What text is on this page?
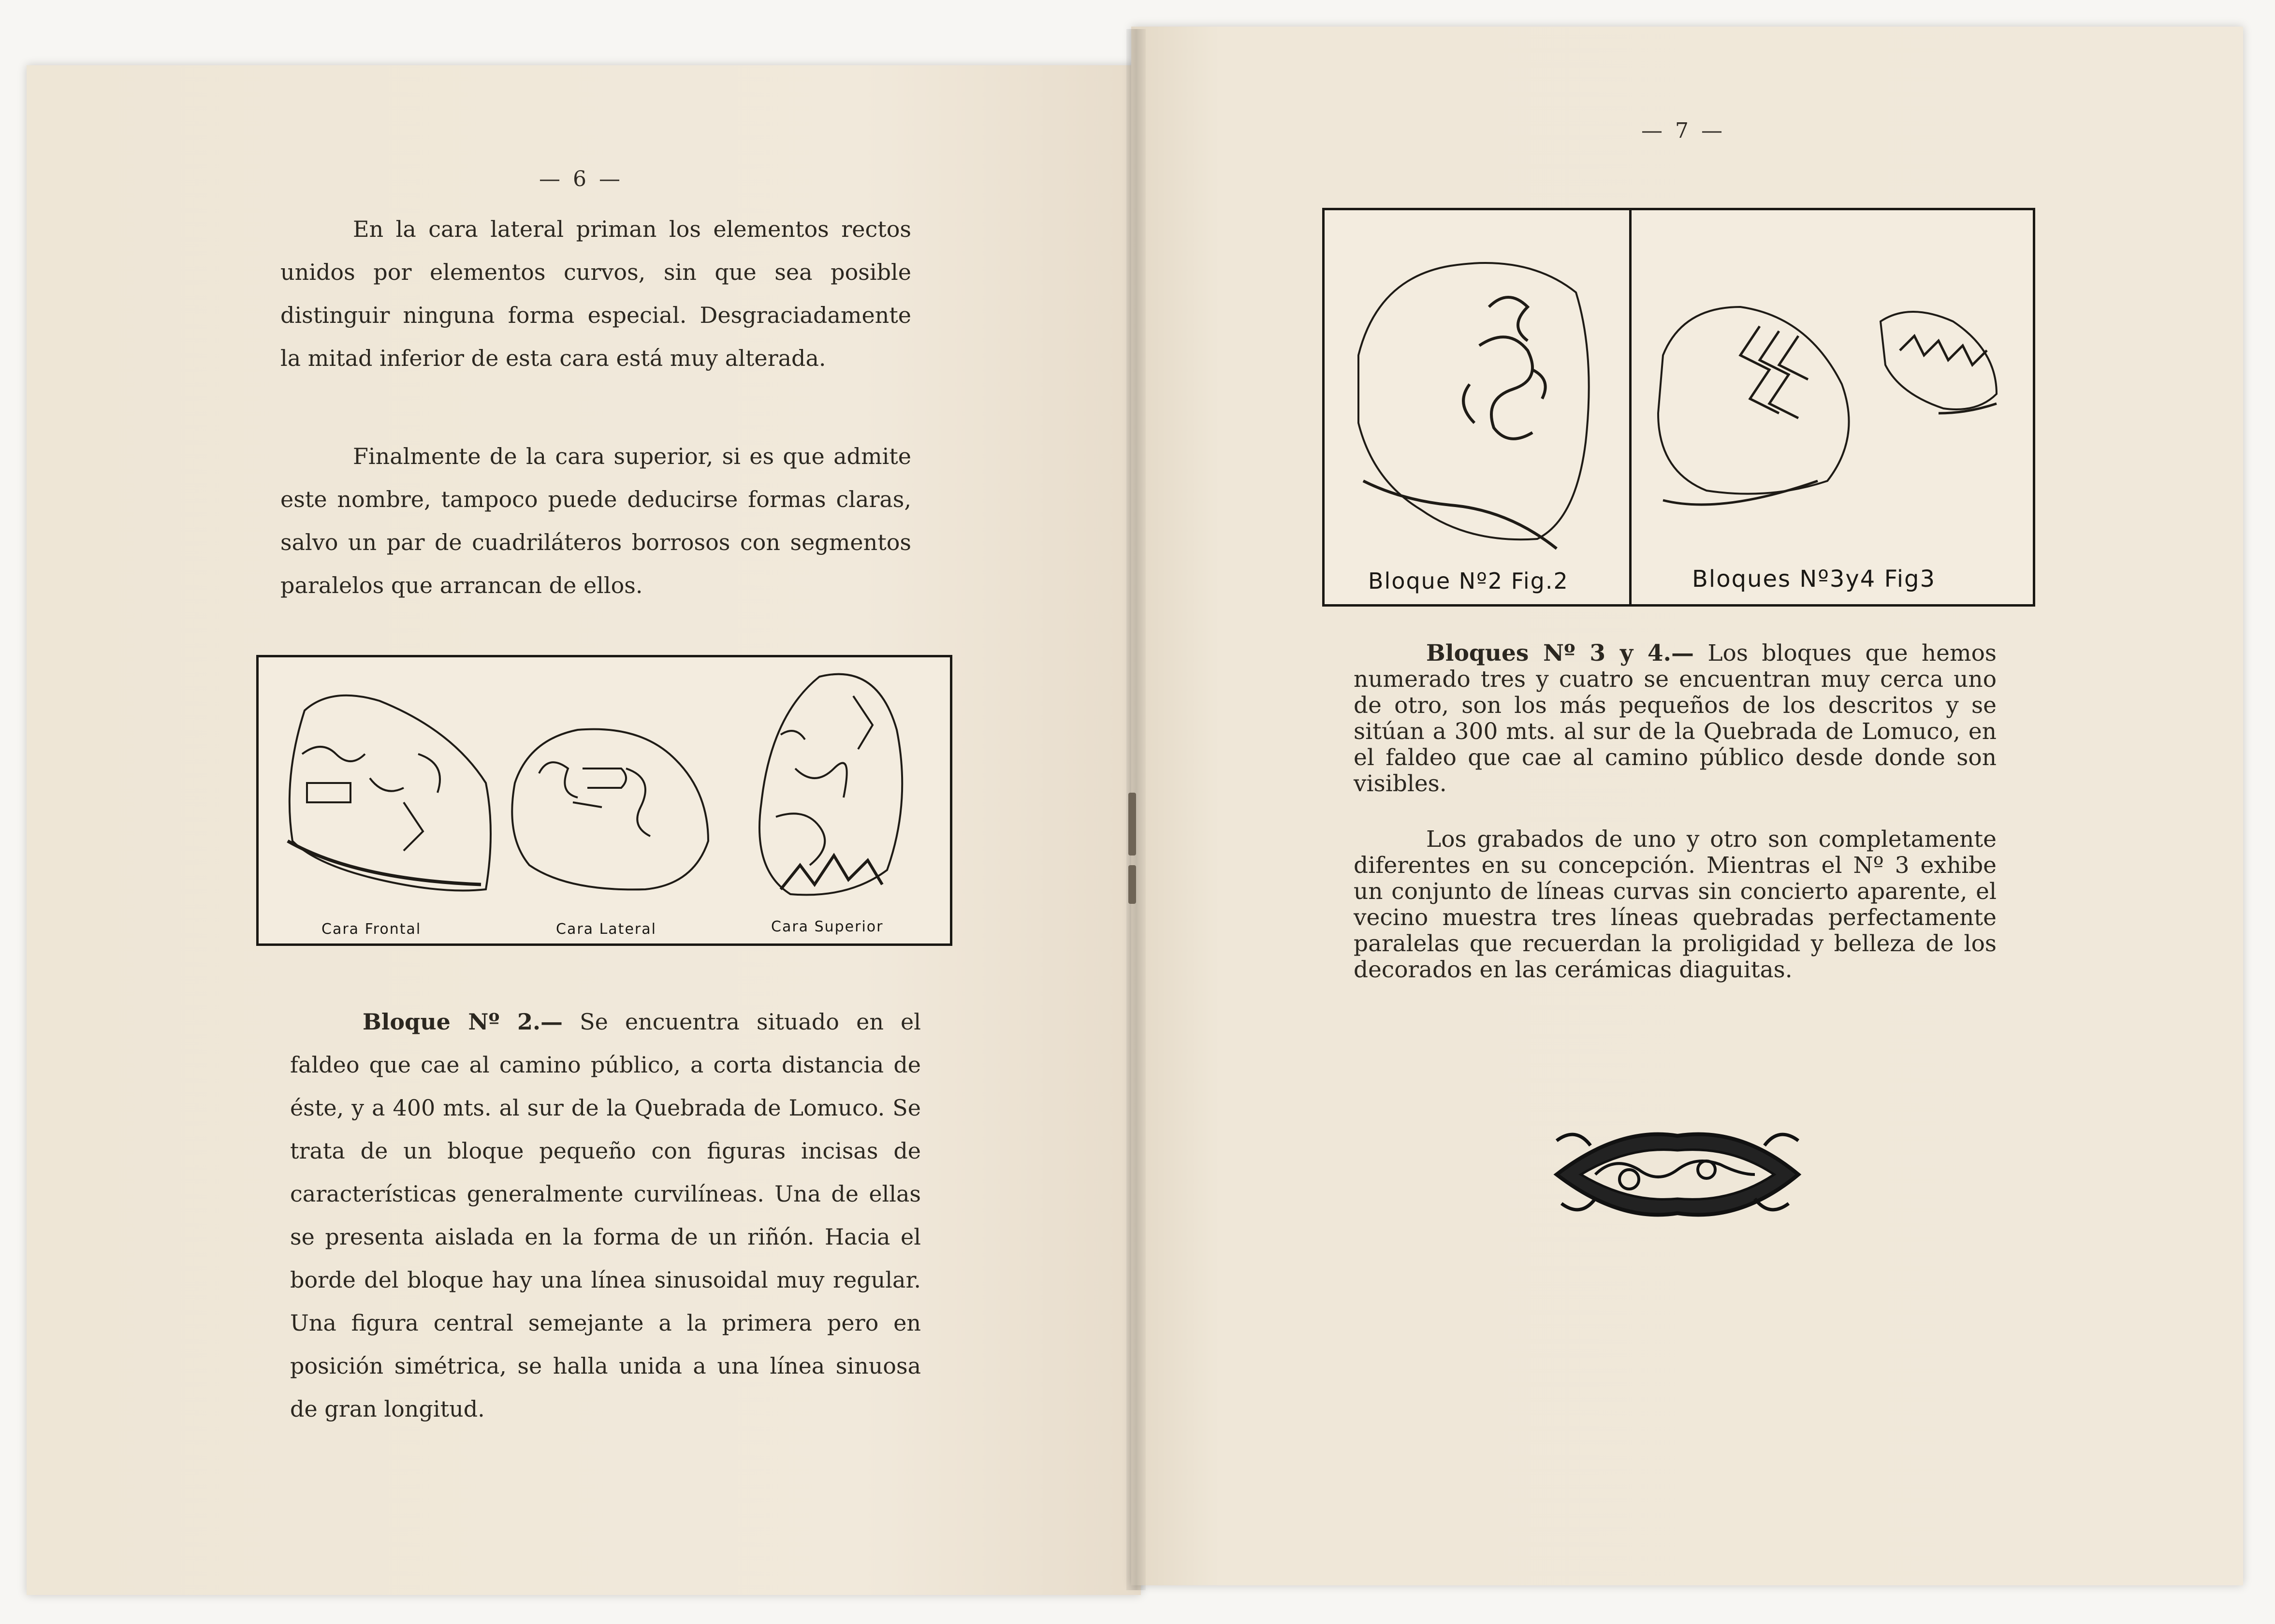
— 6 —

En la cara lateral priman los elementos rectos unidos por elementos curvos, sin que sea posible distinguir ninguna forma especial. Desgraciadamente la mitad inferior de esta cara está muy alterada.

Finalmente de la cara superior, si es que admite este nombre, tampoco puede deducirse formas claras, salvo un par de cuadriláteros borrosos con segmentos paralelos que arrancan de ellos.

Cara Frontal	Cara Lateral	Cara Superior

Bloque Nº 2.— Se encuentra situado en el faldeo que cae al camino público, a corta distancia de éste, y a 400 mts. al sur de la Quebrada de Lomuco. Se trata de un bloque pequeño con figuras incisas de características generalmente curvilíneas. Una de ellas se presenta aislada en la forma de un riñón. Hacia el borde del bloque hay una línea sinusoidal muy regular. Una figura central semejante a la primera pero en posición simétrica, se halla unida a una línea sinuosa de gran longitud.

— 7 —
Bloque Nº2 Fig.2	Bloques Nº3y4 Fig3

Bloques Nº 3 y 4.— Los bloques que hemos numerado tres y cuatro se encuentran muy cerca uno de otro, son los más pequeños de los descritos y se sitúan a 300 mts. al sur de la Quebrada de Lomuco, en el faldeo que cae al camino público desde donde son visibles.

Los grabados de uno y otro son completamente diferentes en su concepción. Mientras el Nº 3 exhibe un conjunto de líneas curvas sin concierto aparente, el vecino muestra tres líneas quebradas perfectamente paralelas que recuerdan la proligidad y belleza de los decorados en las cerámicas diaguitas.
